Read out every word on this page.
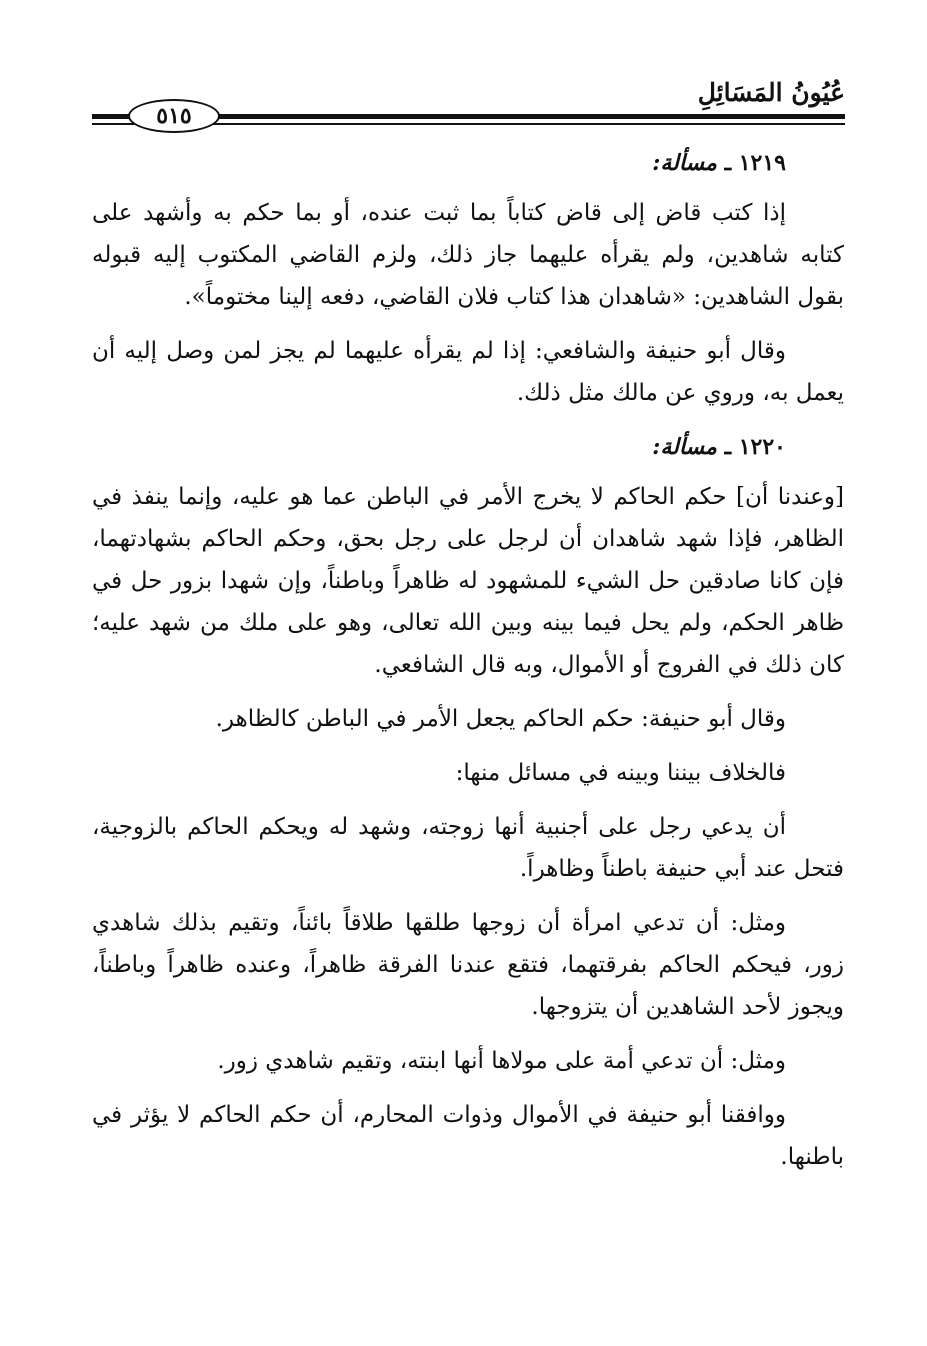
عُيُونُ المَسَائِلِ
٥١٥
١٢١٩ ـ مسألة:

إذا كتب قاض إلى قاض كتاباً بما ثبت عنده، أو بما حكم به وأشهد على كتابه شاهدين، ولم يقرأه عليهما جاز ذلك، ولزم القاضي المكتوب إليه قبوله بقول الشاهدين: «شاهدان هذا كتاب فلان القاضي، دفعه إلينا مختوماً».

وقال أبو حنيفة والشافعي: إذا لم يقرأه عليهما لم يجز لمن وصل إليه أن يعمل به، وروي عن مالك مثل ذلك.

١٢٢٠ ـ مسألة:

[وعندنا أن] حكم الحاكم لا يخرج الأمر في الباطن عما هو عليه، وإنما ينفذ في الظاهر، فإذا شهد شاهدان أن لرجل على رجل بحق، وحكم الحاكم بشهادتهما، فإن كانا صادقين حل الشيء للمشهود له ظاهراً وباطناً، وإن شهدا بزور حل في ظاهر الحكم، ولم يحل فيما بينه وبين الله تعالى، وهو على ملك من شهد عليه؛ كان ذلك في الفروج أو الأموال، وبه قال الشافعي.

وقال أبو حنيفة: حكم الحاكم يجعل الأمر في الباطن كالظاهر.

فالخلاف بيننا وبينه في مسائل منها:

أن يدعي رجل على أجنبية أنها زوجته، وشهد له ويحكم الحاكم بالزوجية، فتحل عند أبي حنيفة باطناً وظاهراً.

ومثل: أن تدعي امرأة أن زوجها طلقها طلاقاً بائناً، وتقيم بذلك شاهدي زور، فيحكم الحاكم بفرقتهما، فتقع عندنا الفرقة ظاهراً، وعنده ظاهراً وباطناً، ويجوز لأحد الشاهدين أن يتزوجها.

ومثل: أن تدعي أمة على مولاها أنها ابنته، وتقيم شاهدي زور.

ووافقنا أبو حنيفة في الأموال وذوات المحارم، أن حكم الحاكم لا يؤثر في باطنها.
